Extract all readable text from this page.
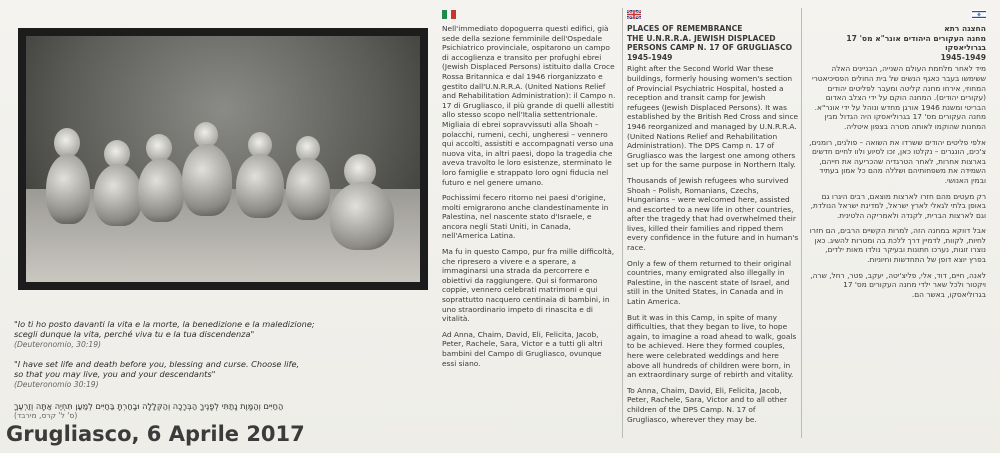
"Io ti ho posto davanti la vita e la morte, la benedizione e la maledizione;
scegli dunque la vita, perché viva tu e la tua discendenza"

(Deuteronomio, 30:19)

"I have set life and death before you, blessing and curse. Choose life,
so that you may live, you and your descendants"

(Deuteronomio 30:19)

הַחַיִּים וְהַמָּוֶת נָתַתִּי לְפָנֶיךָ הַבְּרָכָה וְהַקְּלָלָה וּבָחַרְתָּ בַּחַיִּים לְמַעַן תִּחְיֶה אַתָּה וְזַרְעֶךָ

(ס' ל' קרס, מירבד)

Grugliasco, 6 Aprile 2017

Nell'immediato dopoguerra questi edifici, già sede della sezione femminile dell'Ospedale Psichiatrico provinciale, ospitarono un campo di accoglienza e transito per profughi ebrei (Jewish Displaced Persons) istituito dalla Croce Rossa Britannica e dal 1946 riorganizzato e gestito dall'U.N.R.R.A. (United Nations Relief and Rehabilitation Administration): il Campo n. 17 di Grugliasco, il più grande di quelli allestiti allo stesso scopo nell'Italia settentrionale. Migliaia di ebrei sopravvissuti alla Shoah – polacchi, rumeni, cechi, ungheresi – vennero qui accolti, assistiti e accompagnati verso una nuova vita, in altri paesi, dopo la tragedia che aveva travolto le loro esistenze, sterminato le loro famiglie e strappato loro ogni fiducia nel futuro e nel genere umano.

Pochissimi fecero ritorno nei paesi d'origine, molti emigrarono anche clandestinamente in Palestina, nel nascente stato d'Israele, e ancora negli Stati Uniti, in Canada, nell'America Latina.

Ma fu in questo Campo, pur fra mille difficoltà, che ripresero a vivere e a sperare, a immaginarsi una strada da percorrere e obiettivi da raggiungere. Qui si formarono coppie, vennero celebrati matrimoni e qui soprattutto nacquero centinaia di bambini, in uno straordinario impeto di rinascita e di vitalità.

Ad Anna, Chaim, David, Eli, Felicita, Jacob, Peter, Rachele, Sara, Victor e a tutti gli altri bambini del Campo di Grugliasco, ovunque essi siano.

PLACES OF REMEMBRANCE
THE U.N.R.R.A. JEWISH DISPLACED PERSONS CAMP N. 17 OF GRUGLIASCO
1945-1949

Right after the Second World War these buildings, formerly housing women's section of Provincial Psychiatric Hospital, hosted a reception and transit camp for Jewish refugees (Jewish Displaced Persons). It was established by the British Red Cross and since 1946 reorganized and managed by U.N.R.R.A. (United Nations Relief and Rehabilitation Administration). The DPS Camp n. 17 of Grugliasco was the largest one among others set up for the same purpose in Northern Italy.

Thousands of Jewish refugees who survived Shoah – Polish, Romanians, Czechs, Hungarians – were welcomed here, assisted and escorted to a new life in other countries, after the tragedy that had overwhelmed their lives, killed their families and ripped them every confidence in the future and in human's race.

Only a few of them returned to their original countries, many emigrated also illegally in Palestine, in the nascent state of Israel, and still in the United States, in Canada and in Latin America.

But it was in this Camp, in spite of many difficulties, that they began to live, to hope again, to imagine a road ahead to walk, goals to be achieved. Here they formed couples, here were celebrated weddings and here above all hundreds of children were born, in an extraordinary surge of rebirth and vitality.

To Anna, Chaim, David, Eli, Felicita, Jacob, Peter, Rachele, Sara, Victor and to all other children of the DPS Camp. N. 17 of Grugliasco, wherever they may be.

החצגה רתא
מחנה העקורים היהודים אונר"א מס' 17 בגרוליאסקו
1945-1949

מיד לאחר מלחמת העולם השנייה, הבניינים האלה ששימשו בעבר כאגף הנשים של בית החולים הפסיכיאטרי המחוזי, אירחו מחנה קליטה ומעבר לפליטים יהודים (עקורים יהודים). המחנה הוקם על ידי הצלב האדום הבריטי ומשנת 1946 אורגן מחדש ונוהל על ידי אונר"א. מחנה העקורים מס' 17 בגרוליאסקו היה הגדול מבין המחנות שהוקמו לאותה מטרה בצפון איטליה.

אלפי פליטים יהודים ששרדו את השואה – פולנים, רומנים, צ'כים, הונגרים – נקלטו כאן, זכו לסיוע ולוו לחיים חדשים בארצות אחרות, לאחר הטרגדיה שהכריעה את חייהם, השמידה את משפחותיהם ושללה מהם כל אמון בעתיד ובמין האנושי.

רק מעטים מהם חזרו לארצות מוצאם, רבים היגרו גם באופן בלתי לגאלי לארץ ישראל, למדינת ישראל הנולדת, וגם לארצות הברית, לקנדה ולאמריקה הלטינית.

אבל דווקא במחנה הזה, למרות הקשיים הרבים, הם חזרו לחיות, לקוות, לדמיין דרך ללכת בה ומטרות להשיג. כאן נוצרו זוגות, נערכו חתונות ובעיקר נולדו מאות ילדים, בפרץ יוצא דופן של התחדשות וחיוניות.

לאנה, חיים, דוד, אלי, פליצ'יטה, יעקב, פטר, רחל, שרה, ויקטור ולכל שאר ילדי מחנה העקורים מס' 17 בגרוליאסקו, באשר הם.
